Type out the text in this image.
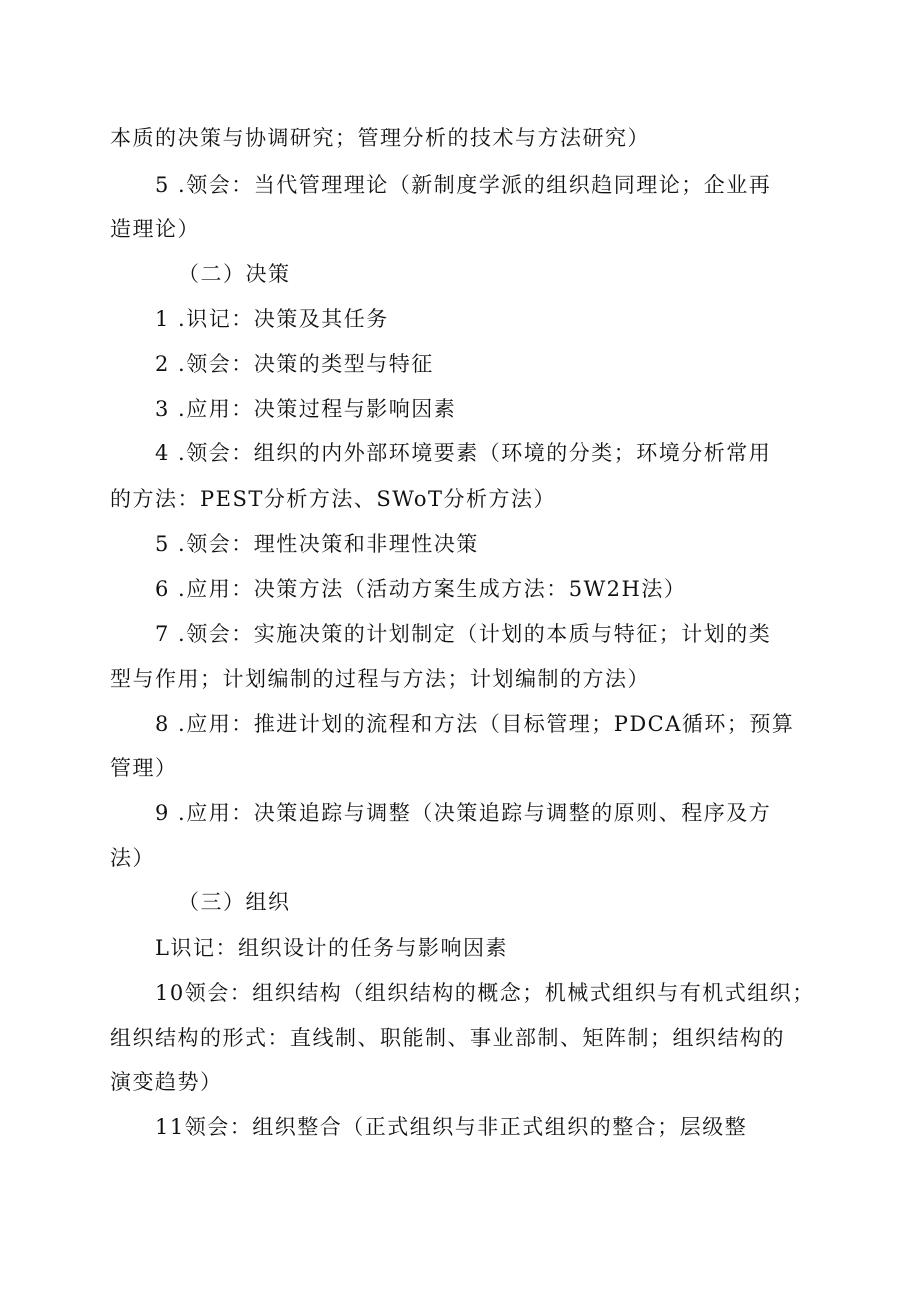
本质的决策与协调研究；管理分析的技术与方法研究）
5 .领会：当代管理理论（新制度学派的组织趋同理论；企业再
造理论）
（二）决策
1 .识记：决策及其任务
2 .领会：决策的类型与特征
3 .应用：决策过程与影响因素
4 .领会：组织的内外部环境要素（环境的分类；环境分析常用
的方法：PEST分析方法、SWoT分析方法）
5 .领会：理性决策和非理性决策
6 .应用：决策方法（活动方案生成方法：5W2H法）
7 .领会：实施决策的计划制定（计划的本质与特征；计划的类
型与作用；计划编制的过程与方法；计划编制的方法）
8 .应用：推进计划的流程和方法（目标管理；PDCA循环；预算
管理）
9 .应用：决策追踪与调整（决策追踪与调整的原则、程序及方
法）
（三）组织
L识记：组织设计的任务与影响因素
10领会：组织结构（组织结构的概念；机械式组织与有机式组织；
组织结构的形式：直线制、职能制、事业部制、矩阵制；组织结构的
演变趋势）
11领会：组织整合（正式组织与非正式组织的整合；层级整
